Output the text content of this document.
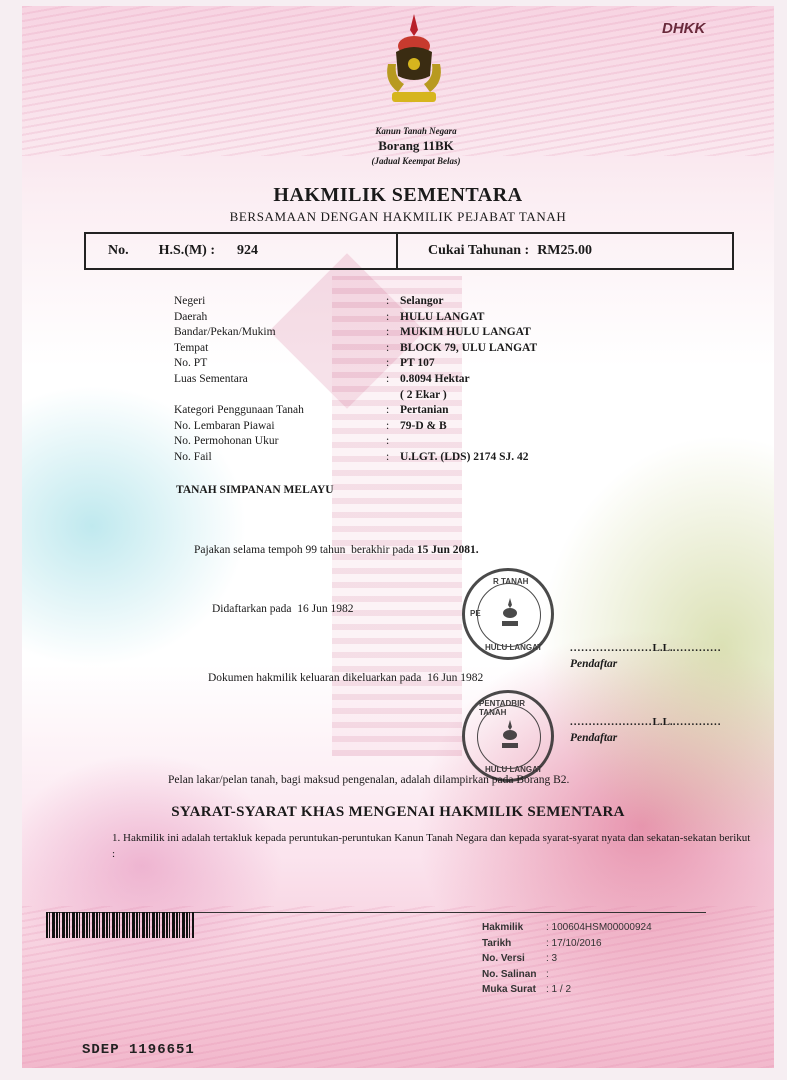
DHKK
Kanun Tanah Negara
Borang 11BK
(Jadual Keempat Belas)
HAKMILIK SEMENTARA
BERSAMAAN DENGAN HAKMILIK PEJABAT TANAH
No. H.S.(M) : 924	Cukai Tahunan : RM25.00
Negeri	: Selangor
Daerah	: HULU LANGAT
Bandar/Pekan/Mukim	: MUKIM HULU LANGAT
Tempat	: BLOCK 79, ULU LANGAT
No. PT	: PT 107
Luas Sementara	: 0.8094 Hektar
( 2 Ekar )
Kategori Penggunaan Tanah	: Pertanian
No. Lembaran Piawai	: 79-D & B
No. Permohonan Ukur	:
No. Fail	: U.LGT. (LDS) 2174 SJ. 42
TANAH SIMPANAN MELAYU
Pajakan selama tempoh 99 tahun berakhir pada 15 Jun 2081.
Didaftarkan pada 16 Jun 1982
R TANAH
PE
HULU LANGAT	......................L.L..............
Pendaftar
Dokumen hakmilik keluaran dikeluarkan pada 16 Jun 1982
PENTADBIR TANAH
HULU LANGAT
......................L.L..............
Pendaftar
Pelan lakar/pelan tanah, bagi maksud pengenalan, adalah dilampirkan pada Borang B2.
SYARAT-SYARAT KHAS MENGENAI HAKMILIK SEMENTARA
1. Hakmilik ini adalah tertakluk kepada peruntukan-peruntukan Kanun Tanah Negara dan kepada syarat-syarat nyata dan sekatan-sekatan berikut :
Hakmilik	: 100604HSM00000924
Tarikh	: 17/10/2016
No. Versi	: 3
No. Salinan :
Muka Surat	: 1 / 2
SDEP 1196651
